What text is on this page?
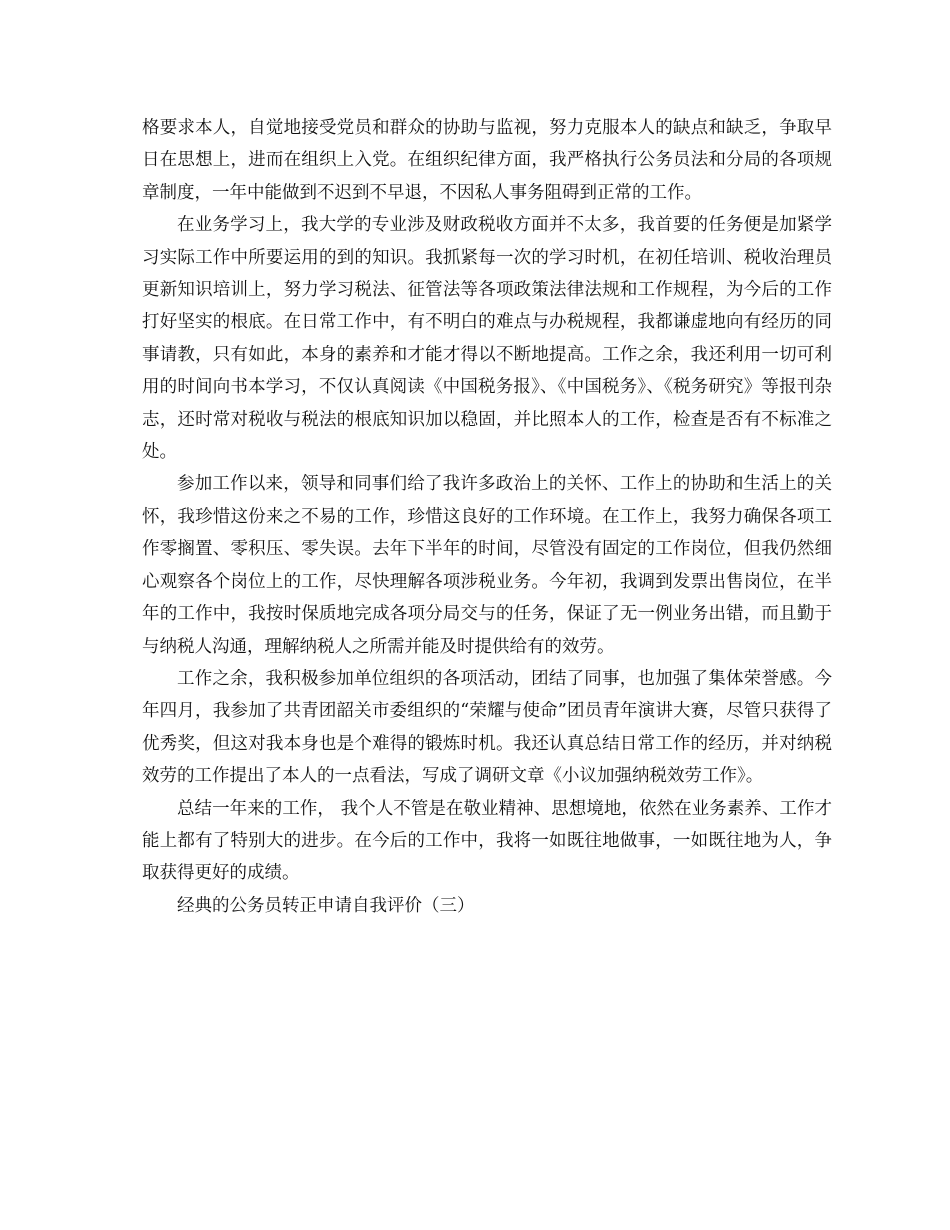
格要求本人，自觉地接受党员和群众的协助与监视，努力克服本人的缺点和缺乏，争取早日在思想上，进而在组织上入党。在组织纪律方面，我严格执行公务员法和分局的各项规章制度，一年中能做到不迟到不早退，不因私人事务阻碍到正常的工作。

在业务学习上，我大学的专业涉及财政税收方面并不太多，我首要的任务便是加紧学习实际工作中所要运用的到的知识。我抓紧每一次的学习时机，在初任培训、税收治理员更新知识培训上，努力学习税法、征管法等各项政策法律法规和工作规程，为今后的工作打好坚实的根底。在日常工作中，有不明白的难点与办税规程，我都谦虚地向有经历的同事请教，只有如此，本身的素养和才能才得以不断地提高。工作之余，我还利用一切可利用的时间向书本学习，不仅认真阅读《中国税务报》、《中国税务》、《税务研究》等报刊杂志，还时常对税收与税法的根底知识加以稳固，并比照本人的工作，检查是否有不标准之处。

参加工作以来，领导和同事们给了我许多政治上的关怀、工作上的协助和生活上的关怀，我珍惜这份来之不易的工作，珍惜这良好的工作环境。在工作上，我努力确保各项工作零搁置、零积压、零失误。去年下半年的时间，尽管没有固定的工作岗位，但我仍然细心观察各个岗位上的工作，尽快理解各项涉税业务。今年初，我调到发票出售岗位，在半年的工作中，我按时保质地完成各项分局交与的任务，保证了无一例业务出错，而且勤于与纳税人沟通，理解纳税人之所需并能及时提供给有的效劳。

工作之余，我积极参加单位组织的各项活动，团结了同事，也加强了集体荣誉感。今年四月，我参加了共青团韶关市委组织的“荣耀与使命”团员青年演讲大赛，尽管只获得了优秀奖，但这对我本身也是个难得的锻炼时机。我还认真总结日常工作的经历，并对纳税效劳的工作提出了本人的一点看法，写成了调研文章《小议加强纳税效劳工作》。

总结一年来的工作， 我个人不管是在敬业精神、思想境地，依然在业务素养、工作才能上都有了特别大的进步。在今后的工作中，我将一如既往地做事，一如既往地为人，争取获得更好的成绩。

经典的公务员转正申请自我评价（三）
